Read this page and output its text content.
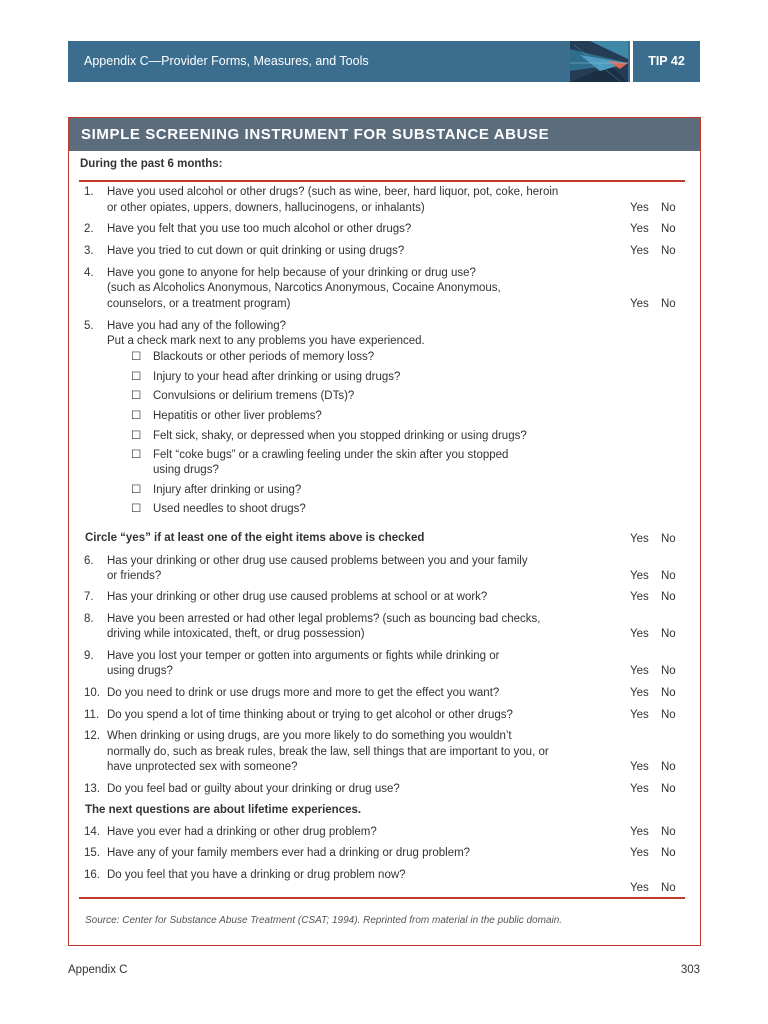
Appendix C—Provider Forms, Measures, and Tools	TIP 42
SIMPLE SCREENING INSTRUMENT FOR SUBSTANCE ABUSE
During the past 6 months:
1. Have you used alcohol or other drugs? (such as wine, beer, hard liquor, pot, coke, heroin
or other opiates, uppers, downers, hallucinogens, or inhalants)	Yes No
2. Have you felt that you use too much alcohol or other drugs?	Yes No
3. Have you tried to cut down or quit drinking or using drugs?	Yes No
4. Have you gone to anyone for help because of your drinking or drug use?
(such as Alcoholics Anonymous, Narcotics Anonymous, Cocaine Anonymous,
counselors, or a treatment program)	Yes No
5. Have you had any of the following?
Put a check mark next to any problems you have experienced.
☐ Blackouts or other periods of memory loss?
☐ Injury to your head after drinking or using drugs?
☐ Convulsions or delirium tremens (DTs)?
☐ Hepatitis or other liver problems?
☐ Felt sick, shaky, or depressed when you stopped drinking or using drugs?
☐ Felt “coke bugs” or a crawling feeling under the skin after you stopped
using drugs?
☐ Injury after drinking or using?
☐ Used needles to shoot drugs?
Circle “yes” if at least one of the eight items above is checked	Yes No
6. Has your drinking or other drug use caused problems between you and your family
or friends?	Yes No
7. Has your drinking or other drug use caused problems at school or at work?	Yes No
8. Have you been arrested or had other legal problems? (such as bouncing bad checks,
driving while intoxicated, theft, or drug possession)	Yes No
9. Have you lost your temper or gotten into arguments or fights while drinking or
using drugs?	Yes No
10. Do you need to drink or use drugs more and more to get the effect you want?	Yes No
11. Do you spend a lot of time thinking about or trying to get alcohol or other drugs?	Yes No
12. When drinking or using drugs, are you more likely to do something you wouldn’t
normally do, such as break rules, break the law, sell things that are important to you, or
have unprotected sex with someone?	Yes No
13. Do you feel bad or guilty about your drinking or drug use?	Yes No
The next questions are about lifetime experiences.
14. Have you ever had a drinking or other drug problem?	Yes No
15. Have any of your family members ever had a drinking or drug problem?	Yes No
16. Do you feel that you have a drinking or drug problem now?
Yes No
Source: Center for Substance Abuse Treatment (CSAT; 1994). Reprinted from material in the public domain.
Appendix C	303
